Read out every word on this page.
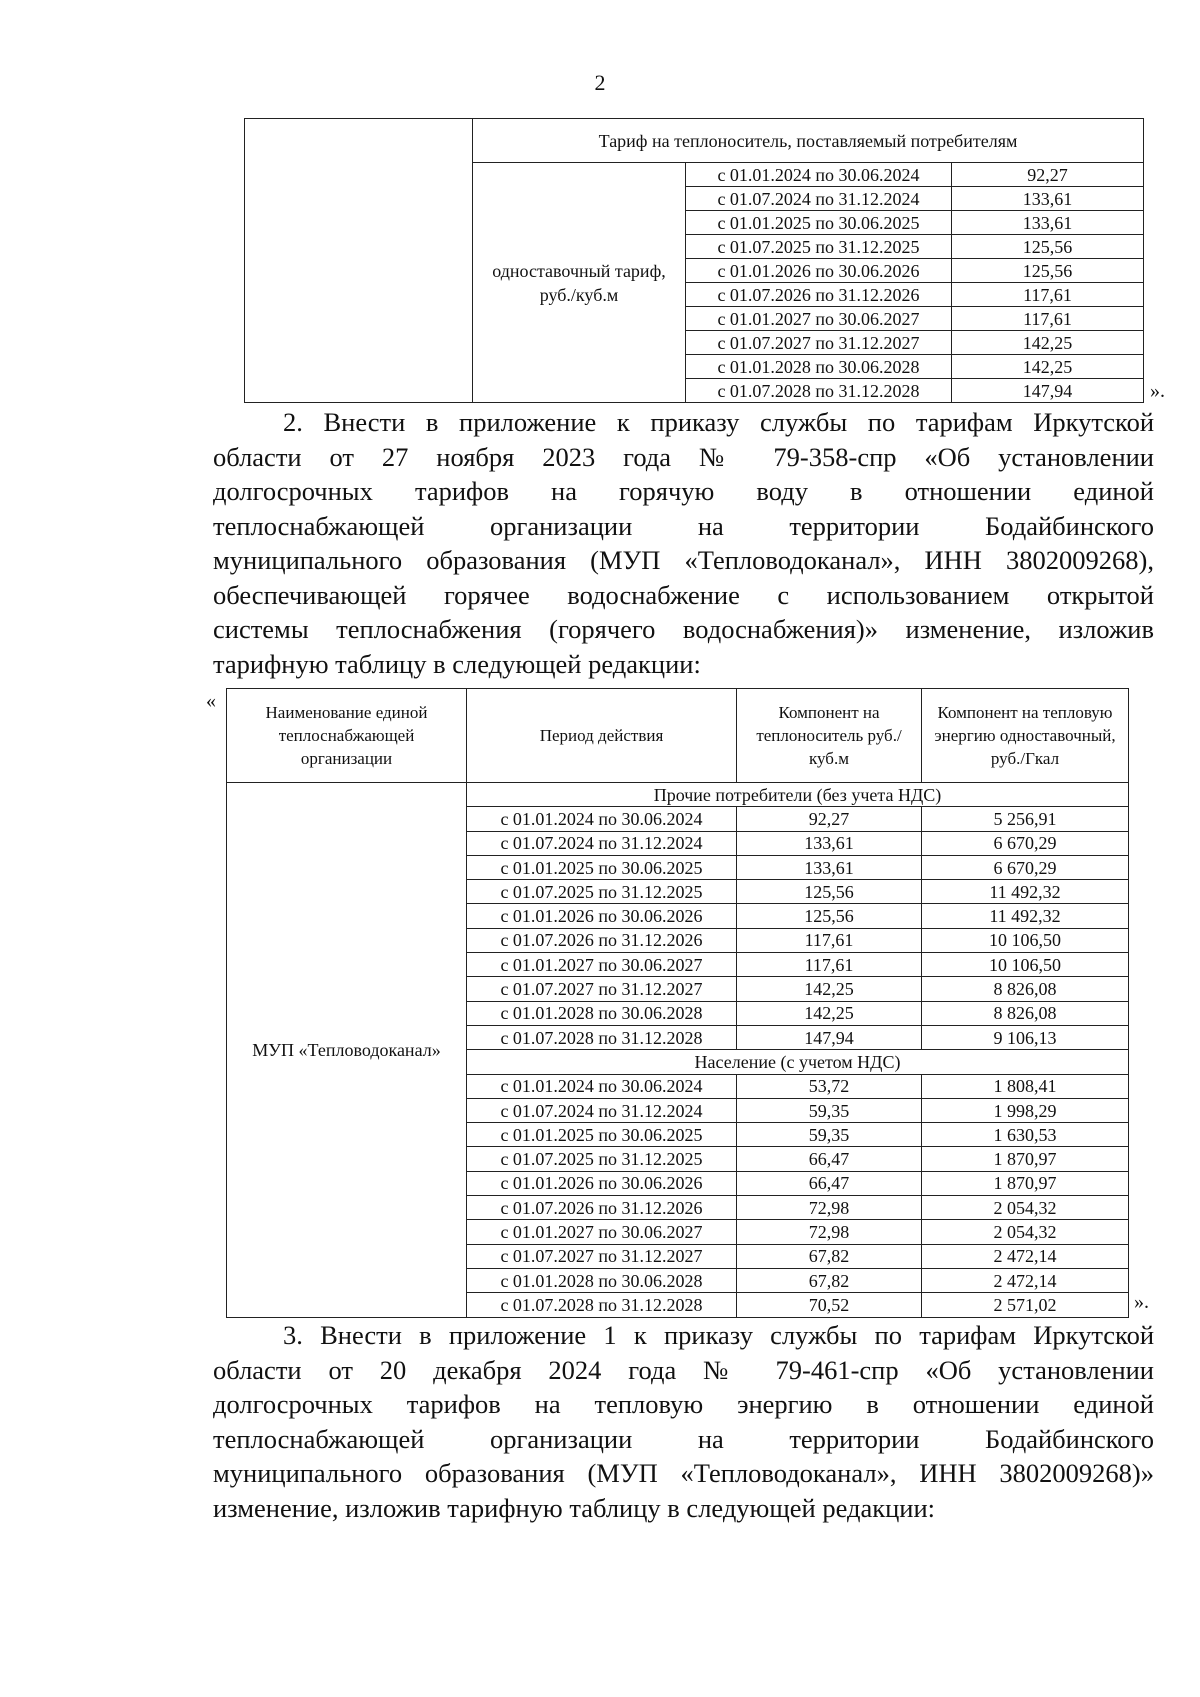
2
	Тариф на теплоноситель, поставляемый потребителям		
	одноставочный тариф, руб./куб.м	с 01.01.2024 по 30.06.2024	92,27
		с 01.07.2024 по 31.12.2024	133,61
		с 01.01.2025 по 30.06.2025	133,61
		с 01.07.2025 по 31.12.2025	125,56
		с 01.01.2026 по 30.06.2026	125,56
		с 01.07.2026 по 31.12.2026	117,61
		с 01.01.2027 по 30.06.2027	117,61
		с 01.07.2027 по 31.12.2027	142,25
		с 01.01.2028 по 30.06.2028	142,25
		с 01.07.2028 по 31.12.2028	147,94	».
2. Внести в приложение к приказу службы по тарифам Иркутской
области от 27 ноября 2023 года № 79-358-спр «Об установлении
долгосрочных тарифов на горячую воду в отношении единой
теплоснабжающей организации на территории Бодайбинского
муниципального образования (МУП «Тепловодоканал», ИНН 3802009268),
обеспечивающей горячее водоснабжение с использованием открытой
системы теплоснабжения (горячего водоснабжения)» изменение, изложив
тарифную таблицу в следующей редакции:
«
Наименование единой теплоснабжающей организации	Период действия	Компонент на теплоноситель руб./куб.м	Компонент на тепловую энергию одноставочный, руб./Гкал
МУП «Тепловодоканал»	Прочие потребители (без учета НДС)		
	с 01.01.2024 по 30.06.2024	92,27	5 256,91
	с 01.07.2024 по 31.12.2024	133,61	6 670,29
	с 01.01.2025 по 30.06.2025	133,61	6 670,29
	с 01.07.2025 по 31.12.2025	125,56	11 492,32
	с 01.01.2026 по 30.06.2026	125,56	11 492,32
	с 01.07.2026 по 31.12.2026	117,61	10 106,50
	с 01.01.2027 по 30.06.2027	117,61	10 106,50
	с 01.07.2027 по 31.12.2027	142,25	8 826,08
	с 01.01.2028 по 30.06.2028	142,25	8 826,08
	с 01.07.2028 по 31.12.2028	147,94	9 106,13
	Население (с учетом НДС)		
	с 01.01.2024 по 30.06.2024	53,72	1 808,41
	с 01.07.2024 по 31.12.2024	59,35	1 998,29
	с 01.01.2025 по 30.06.2025	59,35	1 630,53
	с 01.07.2025 по 31.12.2025	66,47	1 870,97
	с 01.01.2026 по 30.06.2026	66,47	1 870,97
	с 01.07.2026 по 31.12.2026	72,98	2 054,32
	с 01.01.2027 по 30.06.2027	72,98	2 054,32
	с 01.07.2027 по 31.12.2027	67,82	2 472,14
	с 01.01.2028 по 30.06.2028	67,82	2 472,14
	с 01.07.2028 по 31.12.2028	70,52	2 571,02	».
3. Внести в приложение 1 к приказу службы по тарифам Иркутской
области от 20 декабря 2024 года № 79-461-спр «Об установлении
долгосрочных тарифов на тепловую энергию в отношении единой
теплоснабжающей организации на территории Бодайбинского
муниципального образования (МУП «Тепловодоканал», ИНН 3802009268)»
изменение, изложив тарифную таблицу в следующей редакции:
